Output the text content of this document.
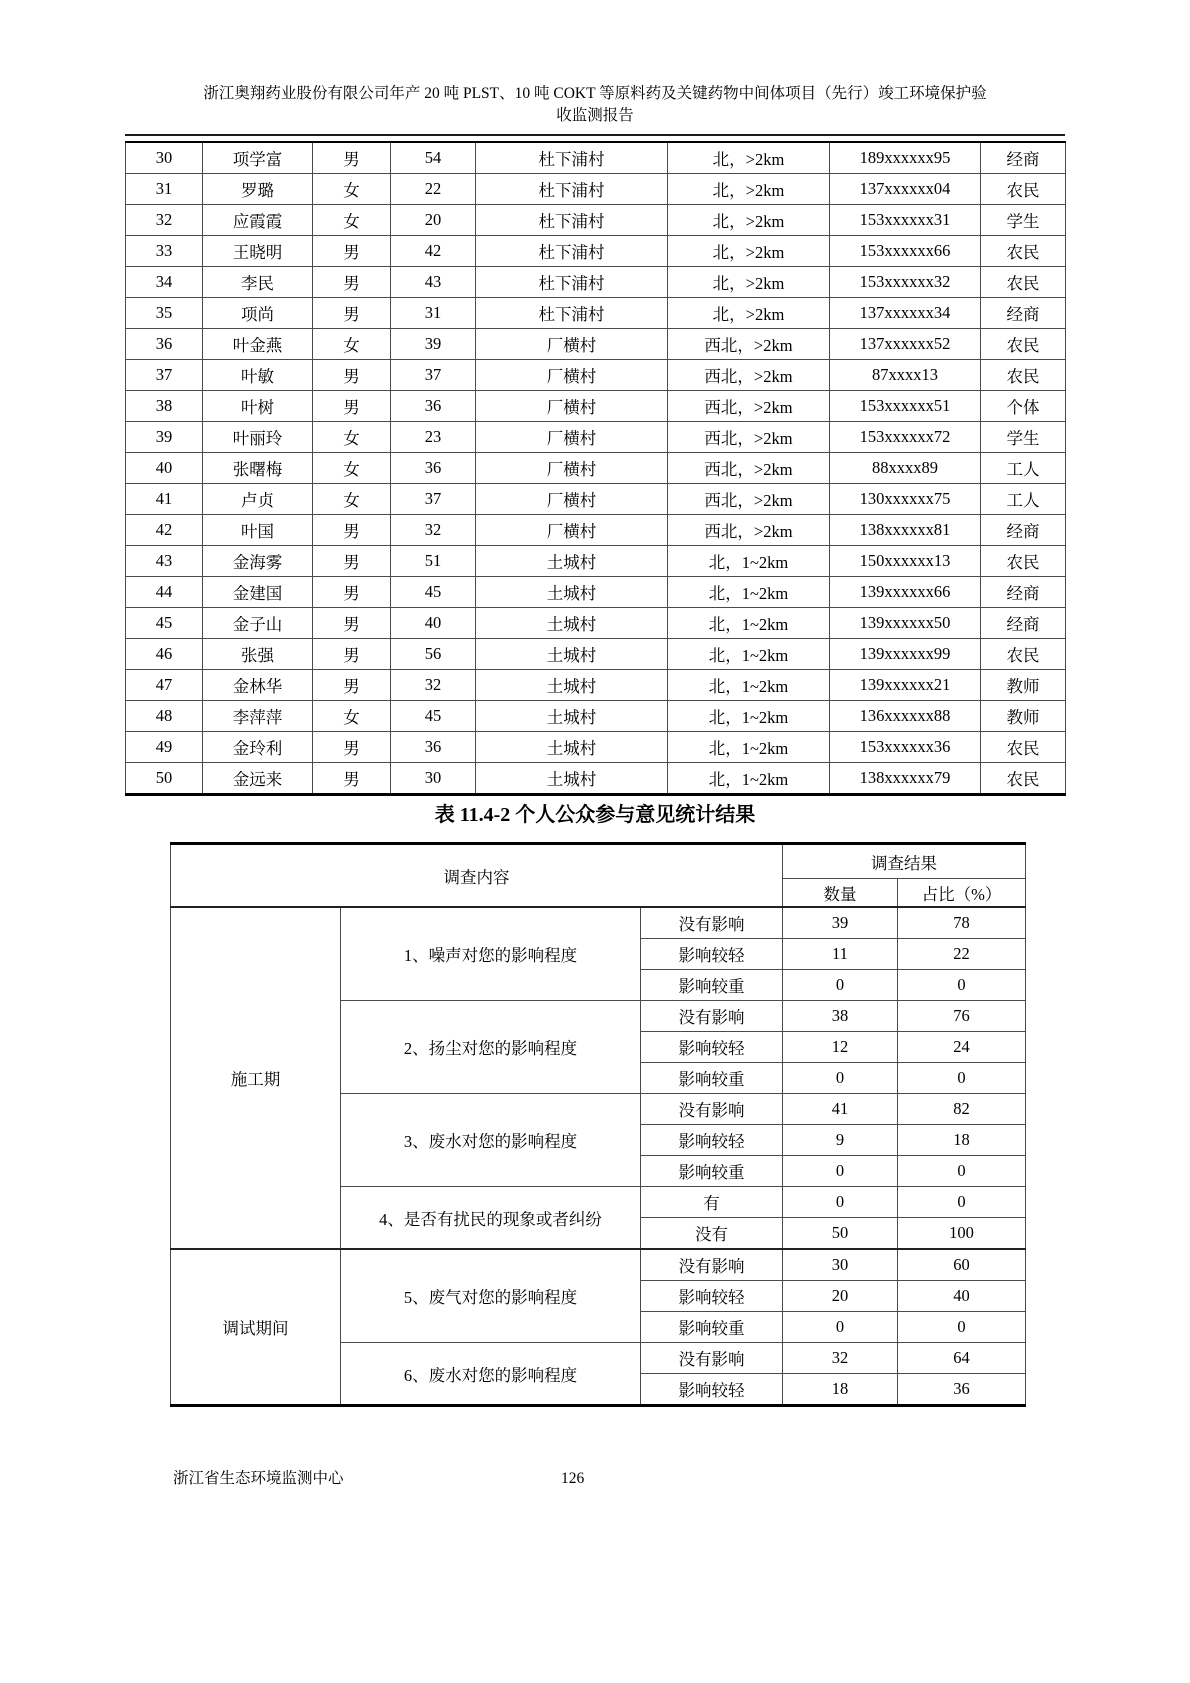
浙江奥翔药业股份有限公司年产 20 吨 PLST、10 吨 COKT 等原料药及关键药物中间体项目（先行）竣工环境保护验
收监测报告
30	项学富	男	54	杜下浦村	北，>2km	189xxxxxx95	经商
31	罗璐	女	22	杜下浦村	北，>2km	137xxxxxx04	农民
32	应霞霞	女	20	杜下浦村	北，>2km	153xxxxxx31	学生
33	王晓明	男	42	杜下浦村	北，>2km	153xxxxxx66	农民
34	李民	男	43	杜下浦村	北，>2km	153xxxxxx32	农民
35	项尚	男	31	杜下浦村	北，>2km	137xxxxxx34	经商
36	叶金燕	女	39	厂横村	西北，>2km	137xxxxxx52	农民
37	叶敏	男	37	厂横村	西北，>2km	87xxxx13	农民
38	叶树	男	36	厂横村	西北，>2km	153xxxxxx51	个体
39	叶丽玲	女	23	厂横村	西北，>2km	153xxxxxx72	学生
40	张曙梅	女	36	厂横村	西北，>2km	88xxxx89	工人
41	卢贞	女	37	厂横村	西北，>2km	130xxxxxx75	工人
42	叶国	男	32	厂横村	西北，>2km	138xxxxxx81	经商
43	金海雾	男	51	土城村	北，1~2km	150xxxxxx13	农民
44	金建国	男	45	土城村	北，1~2km	139xxxxxx66	经商
45	金子山	男	40	土城村	北，1~2km	139xxxxxx50	经商
46	张强	男	56	土城村	北，1~2km	139xxxxxx99	农民
47	金林华	男	32	土城村	北，1~2km	139xxxxxx21	教师
48	李萍萍	女	45	土城村	北，1~2km	136xxxxxx88	教师
49	金玲利	男	36	土城村	北，1~2km	153xxxxxx36	农民
50	金远来	男	30	土城村	北，1~2km	138xxxxxx79	农民
表 11.4-2 个人公众参与意见统计结果
调查内容			调查结果	
			数量	占比（%）
施工期	1、噪声对您的影响程度	没有影响	39	78
		影响较轻	11	22
		影响较重	0	0
	2、扬尘对您的影响程度	没有影响	38	76
		影响较轻	12	24
		影响较重	0	0
	3、废水对您的影响程度	没有影响	41	82
		影响较轻	9	18
		影响较重	0	0
	4、是否有扰民的现象或者纠纷	有	0	0
		没有	50	100
调试期间	5、废气对您的影响程度	没有影响	30	60
		影响较轻	20	40
		影响较重	0	0
	6、废水对您的影响程度	没有影响	32	64
		影响较轻	18	36
浙江省生态环境监测中心	126
